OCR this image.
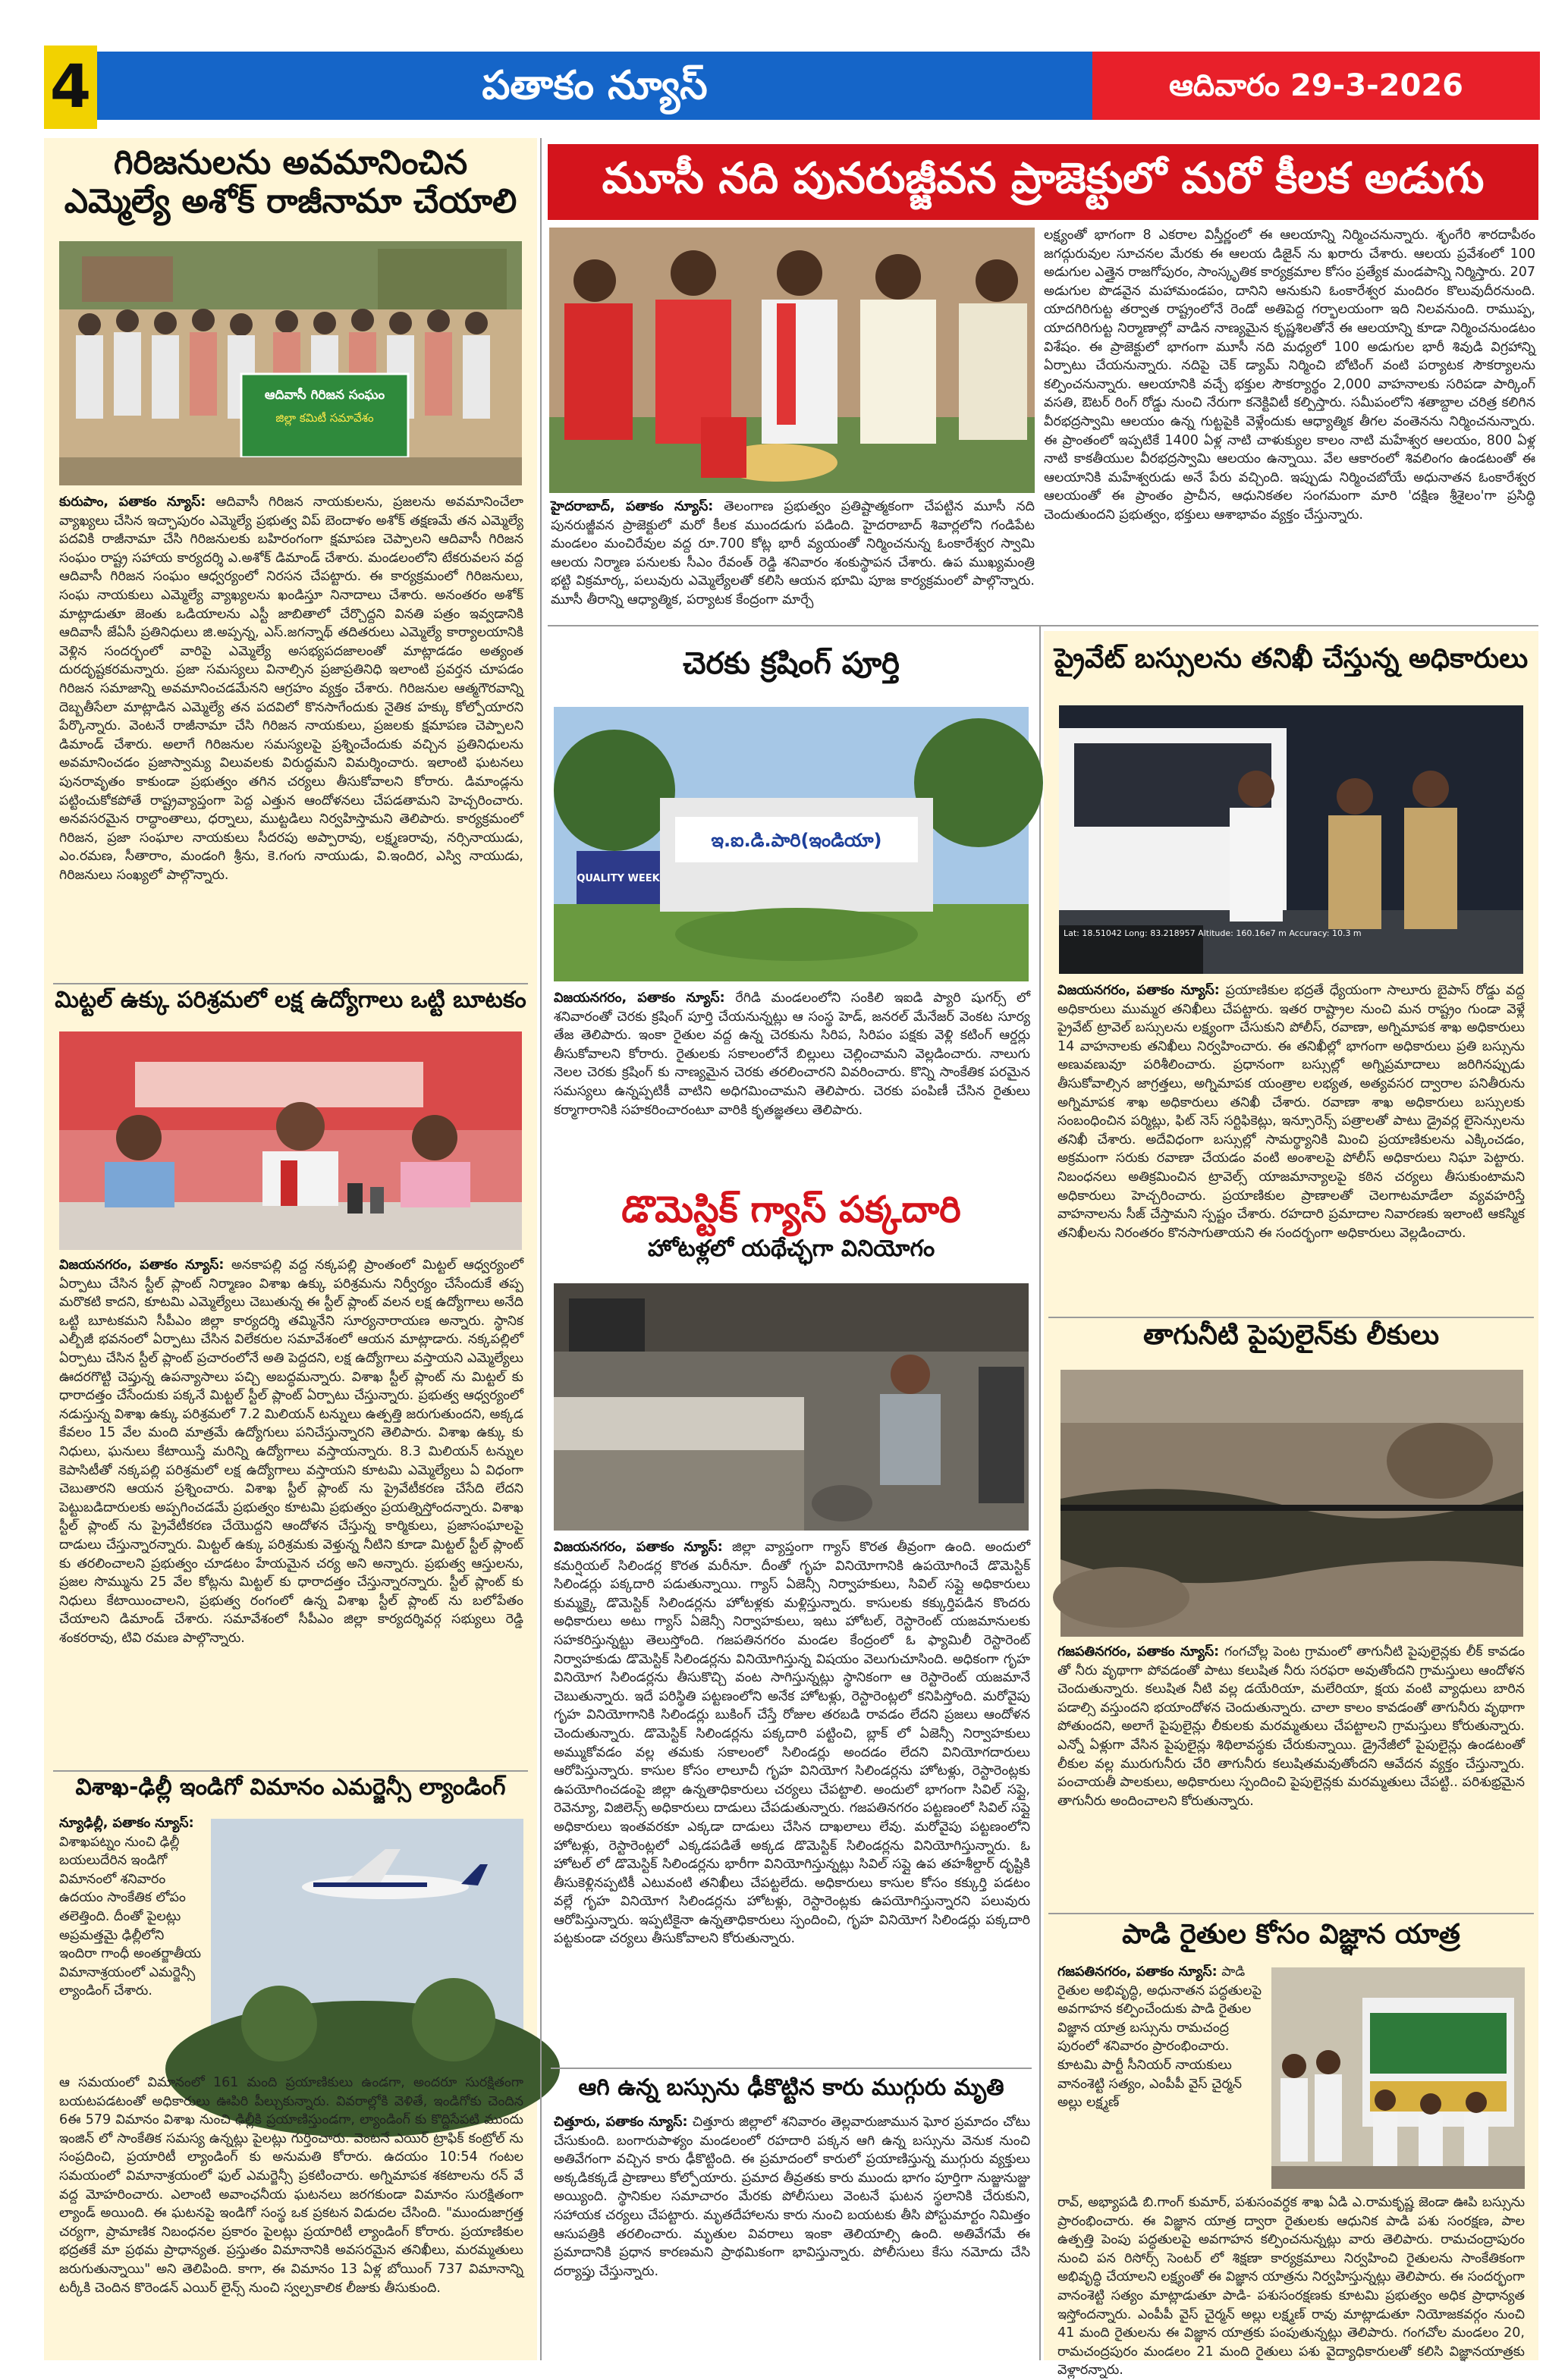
4	పతాకం న్యూస్	ఆదివారం 29-3-2026
గిరిజనులను అవమానించిన
ఎమ్మెల్యే అశోక్ రాజీనామా చేయాలి
ఆదివాసీ గిరిజన సంఘం
జిల్లా కమిటీ సమావేశం
కురుపాం, పతాకం న్యూస్: ఆదివాసీ గిరిజన నాయకులను, ప్రజలను అవమానించేలా వ్యాఖ్యలు చేసిన ఇచ్ఛాపురం ఎమ్మెల్యే ప్రభుత్వ విప్ బెందాళం అశోక్ తక్షణమే తన ఎమ్మెల్యే పదవికి రాజీనామా చేసి గిరిజనులకు బహిరంగంగా క్షమాపణ చెప్పాలని ఆదివాసీ గిరిజన సంఘం రాష్ట్ర సహాయ కార్యదర్శి ఎ.అశోక్ డిమాండ్ చేశారు. మండలంలోని టేకరువలస వద్ద ఆదివాసీ గిరిజన సంఘం ఆధ్వర్యంలో నిరసన చేపట్టారు. ఈ కార్యక్రమంలో గిరిజనులు, సంఘ నాయకులు ఎమ్మెల్యే వ్యాఖ్యలను ఖండిస్తూ నినాదాలు చేశారు. అనంతరం అశోక్ మాట్లాడుతూ జెంతు ఒడియాలను ఎస్టీ జాబితాలో చేర్చొద్దని వినతి పత్రం ఇవ్వడానికి ఆదివాసీ జేఏసీ ప్రతినిధులు జి.అప్పన్న, ఎస్.జగన్నాథ్ తదితరులు ఎమ్మెల్యే కార్యాలయానికి వెళ్లిన సందర్భంలో వారిపై ఎమ్మెల్యే అసభ్యపదజాలంతో మాట్లాడడం అత్యంత దురదృష్టకరమన్నారు. ప్రజా సమస్యలు వినాల్సిన ప్రజాప్రతినిధి ఇలాంటి ప్రవర్తన చూపడం గిరిజన సమాజాన్ని అవమానించడమేనని ఆగ్రహం వ్యక్తం చేశారు. గిరిజనుల ఆత్మగౌరవాన్ని దెబ్బతీసేలా మాట్లాడిన ఎమ్మెల్యే తన పదవిలో కొనసాగేందుకు నైతిక హక్కు కోల్పోయారని పేర్కొన్నారు. వెంటనే రాజీనామా చేసి గిరిజన నాయకులు, ప్రజలకు క్షమాపణ చెప్పాలని డిమాండ్ చేశారు. అలాగే గిరిజనుల సమస్యలపై ప్రశ్నించేందుకు వచ్చిన ప్రతినిధులను అవమానించడం ప్రజాస్వామ్య విలువలకు విరుద్ధమని విమర్శించారు. ఇలాంటి ఘటనలు పునరావృతం కాకుండా ప్రభుత్వం తగిన చర్యలు తీసుకోవాలని కోరారు. డిమాండ్లను పట్టించుకోకపోతే రాష్ట్రవ్యాప్తంగా పెద్ద ఎత్తున ఆందోళనలు చేపడతామని హెచ్చరించారు. అనవసరమైన రాద్ధాంతాలు, ధర్నాలు, ముట్టడిలు నిర్వహిస్తామని తెలిపారు. కార్యక్రమంలో గిరిజన, ప్రజా సంఘాల నాయకులు సీదరపు అప్పారావు, లక్ష్మణరావు, నర్సినాయుడు, ఎం.రమణ, సీతారాం, మండంగి శ్రీను, కె.గంగు నాయుడు, వి.ఇందిర, ఎస్వి నాయుడు, గిరిజనులు సంఖ్యలో పాల్గొన్నారు.
మిట్టల్ ఉక్కు పరిశ్రమలో లక్ష ఉద్యోగాలు ఒట్టి బూటకం
విజయనగరం, పతాకం న్యూస్: అనకాపల్లి వద్ద నక్కపల్లి ప్రాంతంలో మిట్టల్ ఆధ్వర్యంలో ఏర్పాటు చేసిన స్టీల్ ప్లాంట్ నిర్మాణం విశాఖ ఉక్కు పరిశ్రమను నిర్వీర్యం చేసేందుకే తప్ప మరొకటి కాదని, కూటమి ఎమ్మెల్యేలు చెబుతున్న ఈ స్టీల్ ప్లాంట్ వలన లక్ష ఉద్యోగాలు అనేది ఒట్టి బూటకమని సీపీఎం జిల్లా కార్యదర్శి తమ్మినేని సూర్యనారాయణ అన్నారు. స్థానిక ఎల్బీజీ భవనంలో ఏర్పాటు చేసిన విలేకరుల సమావేశంలో ఆయన మాట్లాడారు. నక్కపల్లిలో ఏర్పాటు చేసిన స్టీల్ ప్లాంట్ ప్రచారంలోనే అతి పెద్దదని, లక్ష ఉద్యోగాలు వస్తాయని ఎమ్మెల్యేలు ఊదరగొట్టి చెప్తున్న ఉపన్యాసాలు పచ్చి అబద్ధమన్నారు. విశాఖ స్టీల్ ప్లాంట్ ను మిట్టల్ కు ధారాదత్తం చేసేందుకు పక్కనే మిట్టల్ స్టీల్ ప్లాంట్ ఏర్పాటు చేస్తున్నారు. ప్రభుత్వ ఆధ్వర్యంలో నడుస్తున్న విశాఖ ఉక్కు పరిశ్రమలో 7.2 మిలియన్ టన్నులు ఉత్పత్తి జరుగుతుందని, అక్కడ కేవలం 15 వేల మంది మాత్రమే ఉద్యోగులు పనిచేస్తున్నారని తెలిపారు. విశాఖ ఉక్కు కు నిధులు, ఘనులు కేటాయిస్తే మరిన్ని ఉద్యోగాలు వస్తాయన్నారు. 8.3 మిలియన్ టన్నుల కెపాసిటీతో నక్కపల్లి పరిశ్రమలో లక్ష ఉద్యోగాలు వస్తాయని కూటమి ఎమ్మెల్యేలు ఏ విధంగా చెబుతారని ఆయన ప్రశ్నించారు. విశాఖ స్టీల్ ప్లాంట్ ను ప్రైవేటీకరణ చేసేది లేదని పెట్టుబడిదారులకు అప్పగించడమే ప్రభుత్వం కూటమి ప్రభుత్వం ప్రయత్నిస్తోందన్నారు. విశాఖ స్టీల్ ప్లాంట్ ను ప్రైవేటీకరణ చేయొద్దని ఆందోళన చేస్తున్న కార్మికులు, ప్రజాసంఘాలపై దాడులు చేస్తున్నారన్నారు. మిట్టల్ ఉక్కు పరిశ్రమకు వెళ్తున్న నీటిని కూడా మిట్టల్ స్టీల్ ప్లాంట్ కు తరలించాలని ప్రభుత్వం చూడటం హేయమైన చర్య అని అన్నారు. ప్రభుత్వ ఆస్తులను, ప్రజల సొమ్మును 25 వేల కోట్లను మిట్టల్ కు ధారాదత్తం చేస్తున్నారన్నారు. స్టీల్ ప్లాంట్ కు నిధులు కేటాయించాలని, ప్రభుత్వ రంగంలో ఉన్న విశాఖ స్టీల్ ప్లాంట్ ను బలోపేతం చేయాలని డిమాండ్ చేశారు. సమావేశంలో సీపీఎం జిల్లా కార్యదర్శివర్గ సభ్యులు రెడ్డి శంకరరావు, టివి రమణ పాల్గొన్నారు.
విశాఖ-ఢిల్లీ ఇండిగో విమానం ఎమర్జెన్సీ ల్యాండింగ్
న్యూఢిల్లీ, పతాకం న్యూస్: విశాఖపట్నం నుంచి ఢిల్లీ బయలుదేరిన ఇండిగో విమానంలో శనివారం ఉదయం సాంకేతిక లోపం తలెత్తింది. దీంతో పైలట్లు అప్రమత్తమై ఢిల్లీలోని ఇందిరా గాంధీ అంతర్జాతీయ విమానాశ్రయంలో ఎమర్జెన్సీ ల్యాండింగ్ చేశారు.
ఆ సమయంలో విమానంలో 161 మంది ప్రయాణికులు ఉండగా, అందరూ సురక్షితంగా బయటపడటంతో అధికారులు ఊపిరి పీల్చుకున్నారు. వివరాల్లోకి వెళితే, ఇండిగోకు చెందిన 6ఈ 579 విమానం విశాఖ నుంచి ఢిల్లీకి ప్రయాణిస్తుండగా, ల్యాండింగ్ కు కొద్దిసేపటి ముందు ఇంజిన్ లో సాంకేతిక సమస్య ఉన్నట్లు పైలట్లు గుర్తించారు. వెంటనే ఎయిర్ ట్రాఫిక్ కంట్రోల్ ను సంప్రదించి, ప్రయారిటీ ల్యాండింగ్ కు అనుమతి కోరారు. ఉదయం 10:54 గంటల సమయంలో విమానాశ్రయంలో ఫుల్ ఎమర్జెన్సీ ప్రకటించారు. అగ్నిమాపక శకటాలను రన్ వే వద్ద మోహరించారు. ఎలాంటి అవాంఛనీయ ఘటనలు జరగకుండా విమానం సురక్షితంగా ల్యాండ్ అయింది. ఈ ఘటనపై ఇండిగో సంస్థ ఒక ప్రకటన విడుదల చేసింది. "ముందుజాగ్రత్త చర్యగా, ప్రామాణిక నిబంధనల ప్రకారం పైలట్లు ప్రయారిటీ ల్యాండింగ్ కోరారు. ప్రయాణికుల భద్రతకే మా ప్రథమ ప్రాధాన్యత. ప్రస్తుతం విమానానికి అవసరమైన తనిఖీలు, మరమ్మతులు జరుగుతున్నాయి" అని తెలిపింది. కాగా, ఈ విమానం 13 ఏళ్ల బోయింగ్ 737 విమానాన్ని టర్కీకి చెందిన కొరెండన్ ఎయిర్ లైన్స్ నుంచి స్వల్పకాలిక లీజుకు తీసుకుంది.
మూసీ నది పునరుజ్జీవన ప్రాజెక్టులో మరో కీలక అడుగు
హైదరాబాద్, పతాకం న్యూస్: తెలంగాణ ప్రభుత్వం ప్రతిష్టాత్మకంగా చేపట్టిన మూసీ నది పునరుజ్జీవన ప్రాజెక్టులో మరో కీలక ముందడుగు పడింది. హైదరాబాద్ శివార్లలోని గండిపేట మండలం మంచిరేవుల వద్ద రూ.700 కోట్ల భారీ వ్యయంతో నిర్మించనున్న ఓంకారేశ్వర స్వామి ఆలయ నిర్మాణ పనులకు సీఎం రేవంత్ రెడ్డి శనివారం శంకుస్థాపన చేశారు. ఉప ముఖ్యమంత్రి భట్టి విక్రమార్క, పలువురు ఎమ్మెల్యేలతో కలిసి ఆయన భూమి పూజ కార్యక్రమంలో పాల్గొన్నారు. మూసీ తీరాన్ని ఆధ్యాత్మిక, పర్యాటక కేంద్రంగా మార్చే
లక్ష్యంతో భాగంగా 8 ఎకరాల విస్తీర్ణంలో ఈ ఆలయాన్ని నిర్మించనున్నారు. శృంగేరి శారదాపీఠం జగద్గురువుల సూచనల మేరకు ఈ ఆలయ డిజైన్ ను ఖరారు చేశారు. ఆలయ ప్రవేశంలో 100 అడుగుల ఎత్తైన రాజగోపురం, సాంస్కృతిక కార్యక్రమాల కోసం ప్రత్యేక మండపాన్ని నిర్మిస్తారు. 207 అడుగుల పొడవైన మహామండపం, దానిని ఆనుకుని ఓంకారేశ్వర మందిరం కొలువుదీరనుంది. యాదగిరిగుట్ట తర్వాత రాష్ట్రంలోనే రెండో అతిపెద్ద గర్భాలయంగా ఇది నిలవనుంది. రాముప్ప, యాదగిరిగుట్ట నిర్మాణాల్లో వాడిన నాణ్యమైన కృష్ణశిలతోనే ఈ ఆలయాన్ని కూడా నిర్మించనుండటం విశేషం. ఈ ప్రాజెక్టులో భాగంగా మూసీ నది మధ్యలో 100 అడుగుల భారీ శివుడి విగ్రహాన్ని ఏర్పాటు చేయనున్నారు. నదిపై చెక్ డ్యామ్ నిర్మించి బోటింగ్ వంటి పర్యాటక సౌకర్యాలను కల్పించనున్నారు. ఆలయానికి వచ్చే భక్తుల సౌకర్యార్థం 2,000 వాహనాలకు సరిపడా పార్కింగ్ వసతి, ఔటర్ రింగ్ రోడ్డు నుంచి నేరుగా కనెక్టివిటీ కల్పిస్తారు. సమీపంలోని శతాబ్దాల చరిత్ర కలిగిన వీరభద్రస్వామి ఆలయం ఉన్న గుట్టపైకి వెళ్లేందుకు ఆధ్యాత్మిక తీగల వంతెనను నిర్మించనున్నారు. ఈ ప్రాంతంలో ఇప్పటికే 1400 ఏళ్ల నాటి చాళుక్యుల కాలం నాటి మహేశ్వర ఆలయం, 800 ఏళ్ల నాటి కాకతీయుల వీరభద్రస్వామి ఆలయం ఉన్నాయి. వేల ఆకారంలో శివలింగం ఉండటంతో ఈ ఆలయానికి మహేశ్వరుడు అనే పేరు వచ్చింది. ఇప్పుడు నిర్మించబోయే అధునాతన ఓంకారేశ్వర ఆలయంతో ఈ ప్రాంతం ప్రాచీన, ఆధునికతల సంగమంగా మారి 'దక్షిణ శ్రీశైలం'గా ప్రసిద్ధి చెందుతుందని ప్రభుత్వం, భక్తులు ఆశాభావం వ్యక్తం చేస్తున్నారు.
చెరకు క్రషింగ్ పూర్తి
ఇ.ఐ.డి.పారి(ఇండియా)
QUALITY WEEK
విజయనగరం, పతాకం న్యూస్: రేగిడి మండలంలోని సంకిలి ఇఐడి ప్యారి షుగర్స్ లో శనివారంతో చెరకు క్రషింగ్ పూర్తి చేయనున్నట్లు ఆ సంస్థ హెడ్, జనరల్ మేనేజర్ వెంకట సూర్య తేజ తెలిపారు. ఇంకా రైతుల వద్ద ఉన్న చెరకును సిరిప, సిరిపం పక్షకు వెళ్లి కటింగ్ ఆర్డర్లు తీసుకోవాలని కోరారు. రైతులకు సకాలంలోనే బిల్లులు చెల్లించామని వెల్లడించారు. నాలుగు నెలల చెరకు క్రషింగ్ కు నాణ్యమైన చెరకు తరలించారని వివరించారు. కొన్ని సాంకేతిక పరమైన సమస్యలు ఉన్నప్పటికీ వాటిని అధిగమించామని తెలిపారు. చెరకు పంపిణీ చేసిన రైతులు కర్మాగారానికి సహకరించారంటూ వారికి కృతజ్ఞతలు తెలిపారు.
డొమెస్టిక్ గ్యాస్ పక్కదారి
హోటళ్లలో యథేచ్ఛగా వినియోగం
విజయనగరం, పతాకం న్యూస్: జిల్లా వ్యాప్తంగా గ్యాస్ కొరత తీవ్రంగా ఉంది. అందులో కమర్షియల్ సిలిండర్ల కొరత మరీనూ. దీంతో గృహ వినియోగానికి ఉపయోగించే డొమెస్టిక్ సిలిండర్లు పక్కదారి పడుతున్నాయి. గ్యాస్ ఏజెన్సీ నిర్వాహకులు, సివిల్ సప్లై అధికారులు కుమ్మక్కై డొమెస్టిక్ సిలిండర్లను హోటళ్లకు మళ్లిస్తున్నారు. కాసులకు కక్కుర్తిపడిన కొందరు అధికారులు అటు గ్యాస్ ఏజెన్సీ నిర్వాహకులు, ఇటు హోటల్, రెస్టారెంట్ యజమానులకు సహకరిస్తున్నట్టు తెలుస్తోంది. గజపతినగరం మండల కేంద్రంలో ఓ ఫ్యామిలీ రెస్టారెంట్ నిర్వాహకుడు డొమెస్టిక్ సిలిండర్లను వినియోగిస్తున్న విషయం వెలుగుచూసింది. అధికంగా గృహ వినియోగ సిలిండర్లను తీసుకొచ్చి వంట సాగిస్తున్నట్లు స్థానికంగా ఆ రెస్టారెంట్ యజమానే చెబుతున్నారు. ఇదే పరిస్థితి పట్టణంలోని అనేక హోటళ్లు, రెస్టారెంట్లలో కనిపిస్తోంది. మరోవైపు గృహ వినియోగానికి సిలిండర్లు బుకింగ్ చేస్తే రోజుల తరబడి రావడం లేదని ప్రజలు ఆందోళన చెందుతున్నారు. డొమెస్టిక్ సిలిండర్లను పక్కదారి పట్టించి, బ్లాక్ లో ఏజెన్సీ నిర్వాహకులు అమ్ముకోవడం వల్ల తమకు సకాలంలో సిలిండర్లు అందడం లేదని వినియోగదారులు ఆరోపిస్తున్నారు. కాసుల కోసం లాలూచీ గృహ వినియోగ సిలిండర్లను హోటళ్లు, రెస్టారెంట్లకు ఉపయోగించడంపై జిల్లా ఉన్నతాధికారులు చర్యలు చేపట్టాలి. అందులో భాగంగా సివిల్ సప్లై, రెవెన్యూ, విజిలెన్స్ అధికారులు దాడులు చేపడుతున్నారు. గజపతినగరం పట్టణంలో సివిల్ సప్లై అధికారులు ఇంతవరకూ ఎక్కడా దాడులు చేసిన దాఖలాలు లేవు. మరోవైపు పట్టణంలోని హోటళ్లు, రెస్టారెంట్లలో ఎక్కడపడితే అక్కడ డొమెస్టిక్ సిలిండర్లను వినియోగిస్తున్నారు. ఓ హోటల్ లో డొమెస్టిక్ సిలిండర్లను భారీగా వినియోగిస్తున్నట్లు సివిల్ సప్లై ఉప తహశీల్దార్ దృష్టికి తీసుకెళ్లినప్పటికీ ఎటువంటి తనిఖీలు చేపట్టలేదు. అధికారులు కాసుల కోసం కక్కుర్తి పడటం వల్లే గృహ వినియోగ సిలిండర్లను హోటళ్లు, రెస్టారెంట్లకు ఉపయోగిస్తున్నారని పలువురు ఆరోపిస్తున్నారు. ఇప్పటికైనా ఉన్నతాధికారులు స్పందించి, గృహ వినియోగ సిలిండర్లు పక్కదారి పట్టకుండా చర్యలు తీసుకోవాలని కోరుతున్నారు.
ఆగి ఉన్న బస్సును ఢీకొట్టిన కారు ముగ్గురు మృతి
చిత్తూరు, పతాకం న్యూస్: చిత్తూరు జిల్లాలో శనివారం తెల్లవారుజామున ఘోర ప్రమాదం చోటు చేసుకుంది. బంగారుపాళ్యం మండలంలో రహదారి పక్కన ఆగి ఉన్న బస్సును వెనుక నుంచి అతివేగంగా వచ్చిన కారు ఢీకొట్టింది. ఈ ప్రమాదంలో కారులో ప్రయాణిస్తున్న ముగ్గురు వ్యక్తులు అక్కడికక్కడే ప్రాణాలు కోల్పోయారు. ప్రమాద తీవ్రతకు కారు ముందు భాగం పూర్తిగా నుజ్జునుజ్జు అయ్యింది. స్థానికుల సమాచారం మేరకు పోలీసులు వెంటనే ఘటన స్థలానికి చేరుకుని, సహాయక చర్యలు చేపట్టారు. మృతదేహాలను కారు నుంచి బయటకు తీసి పోస్టుమార్టం నిమిత్తం ఆసుపత్రికి తరలించారు. మృతుల వివరాలు ఇంకా తెలియాల్సి ఉంది. అతివేగమే ఈ ప్రమాదానికి ప్రధాన కారణమని ప్రాథమికంగా భావిస్తున్నారు. పోలీసులు కేసు నమోదు చేసి దర్యాప్తు చేస్తున్నారు.
ప్రైవేట్ బస్సులను తనిఖీ చేస్తున్న అధికారులు
Lat: 18.51042 Long: 83.218957 Altitude: 160.16e7 m Accuracy: 10.3 m
విజయనగరం, పతాకం న్యూస్: ప్రయాణికుల భద్రతే ధ్యేయంగా సాలూరు బైపాస్ రోడ్డు వద్ద అధికారులు ముమ్మర తనిఖీలు చేపట్టారు. ఇతర రాష్ట్రాల నుంచి మన రాష్ట్రం గుండా వెళ్లే ప్రైవేట్ ట్రావెల్ బస్సులను లక్ష్యంగా చేసుకుని పోలీస్, రవాణా, అగ్నిమాపక శాఖ అధికారులు 14 వాహనాలకు తనిఖీలు నిర్వహించారు. ఈ తనిఖీల్లో భాగంగా అధికారులు ప్రతి బస్సును అణువణువూ పరిశీలించారు. ప్రధానంగా బస్సుల్లో అగ్నిప్రమాదాలు జరిగినప్పుడు తీసుకోవాల్సిన జాగ్రత్తలు, అగ్నిమాపక యంత్రాల లభ్యత, అత్యవసర ద్వారాల పనితీరును అగ్నిమాపక శాఖ అధికారులు తనిఖీ చేశారు. రవాణా శాఖ అధికారులు బస్సులకు సంబంధించిన పర్మిట్లు, ఫిట్ నెస్ సర్టిఫికెట్లు, ఇన్సూరెన్స్ పత్రాలతో పాటు డ్రైవర్ల లైసెన్సులను తనిఖీ చేశారు. అదేవిధంగా బస్సుల్లో సామర్థ్యానికి మించి ప్రయాణికులను ఎక్కించడం, అక్రమంగా సరుకు రవాణా చేయడం వంటి అంశాలపై పోలీస్ అధికారులు నిఘా పెట్టారు. నిబంధనలు అతిక్రమించిన ట్రావెల్స్ యాజమాన్యాలపై కఠిన చర్యలు తీసుకుంటామని అధికారులు హెచ్చరించారు. ప్రయాణికుల ప్రాణాలతో చెలగాటమాడేలా వ్యవహరిస్తే వాహనాలను సీజ్ చేస్తామని స్పష్టం చేశారు. రహదారి ప్రమాదాల నివారణకు ఇలాంటి ఆకస్మిక తనిఖీలను నిరంతరం కొనసాగుతాయని ఈ సందర్భంగా అధికారులు వెల్లడించారు.
తాగునీటి పైపులైన్‌కు లీకులు
గజపతినగరం, పతాకం న్యూస్: గంగచోల్ల పెంట గ్రామంలో తాగునీటి పైపులైన్లకు లీక్ కావడం తో నీరు వృథాగా పోవడంతో పాటు కలుషిత నీరు సరఫరా అవుతోందని గ్రామస్తులు ఆందోళన చెందుతున్నారు. కలుషిత నీటి వల్ల డయేరియా, మలేరియా, క్షయ వంటి వ్యాధులు బారిన పడాల్సి వస్తుందని భయాందోళన చెందుతున్నారు. చాలా కాలం కావడంతో తాగునీరు వృథాగా పోతుందని, అలాగే పైపులైన్లు లీకులకు మరమ్మతులు చేపట్టాలని గ్రామస్తులు కోరుతున్నారు. ఎన్నో ఏళ్లుగా వేసిన పైపులైన్లు శిథిలావస్థకు చేరుకున్నాయి. డ్రైనేజీలో పైపులైన్లు ఉండటంతో లీకుల వల్ల మురుగునీరు చేరి తాగునీరు కలుషితమవుతోందని ఆవేదన వ్యక్తం చేస్తున్నారు. పంచాయతీ పాలకులు, అధికారులు స్పందించి పైపులైన్లకు మరమ్మతులు చేపట్టి.. పరిశుభ్రమైన తాగునీరు అందించాలని కోరుతున్నారు.
పాడి రైతుల కోసం విజ్ఞాన యాత్ర
గజపతినగరం, పతాకం న్యూస్: పాడి రైతుల అభివృద్ధి, అధునాతన పద్ధతులపై అవగాహన కల్పించేందుకు పాడి రైతుల విజ్ఞాన యాత్ర బస్సును రామచంద్ర పురంలో శనివారం ప్రారంభించారు. కూటమి పార్టీ సీనియర్ నాయకులు వానంశెట్టి సత్యం, ఎంపీపీ వైస్ చైర్మన్ అల్లు లక్ష్మణ్
రావ్, అభ్యాపడి బి.గాంగ్ కుమార్, పశుసంవర్ధక శాఖ ఏడి ఎ.రామకృష్ణ జెండా ఊపి బస్సును ప్రారంభించారు. ఈ విజ్ఞాన యాత్ర ద్వారా రైతులకు ఆధునిక పాడి పశు సంరక్షణ, పాల ఉత్పత్తి పెంపు పద్ధతులపై అవగాహన కల్పించనున్నట్లు వారు తెలిపారు. రామచంద్రాపురం నుంచి పన రిసోర్స్ సెంటర్ లో శిక్షణా కార్యక్రమాలు నిర్వహించి రైతులను సాంకేతికంగా అభివృద్ధి చేయాలని లక్ష్యంతో ఈ విజ్ఞాన యాత్రను నిర్వహిస్తున్నట్లు తెలిపారు. ఈ సందర్భంగా వానంశెట్టి సత్యం మాట్లాడుతూ పాడి- పశుసంరక్షణకు కూటమి ప్రభుత్వం అధిక ప్రాధాన్యత ఇస్తోందన్నారు. ఎంపీపీ వైస్ చైర్మన్ అల్లు లక్ష్మణ్ రావు మాట్లాడుతూ నియోజకవర్గం నుంచి 41 మంది రైతులను ఈ విజ్ఞాన యాత్రకు పంపుతున్నట్లు తెలిపారు. గంగచోల మండలం 20, రామచంద్రపురం మండలం 21 మంది రైతులు పశు వైద్యాధికారులతో కలిసి విజ్ఞానయాత్రకు వెళ్లారన్నారు.
